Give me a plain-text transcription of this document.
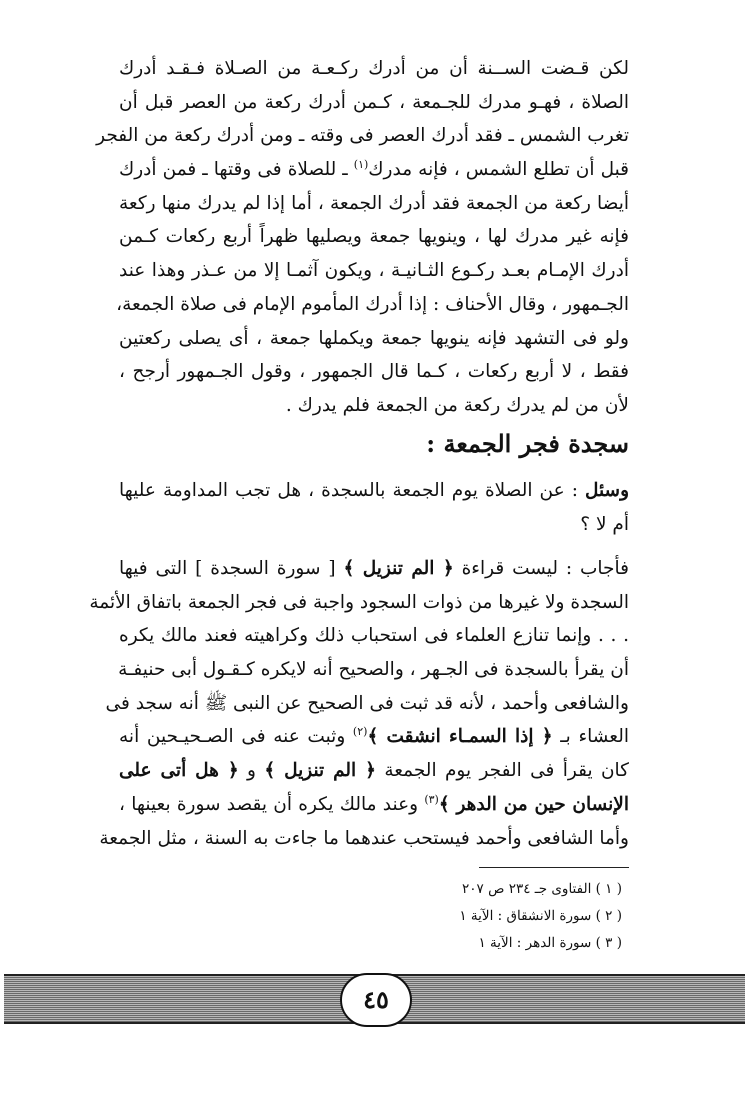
لكن قـضت الســنة أن من أدرك ركـعـة من الصـلاة فـقـد أدرك
الصلاة ، فهـو مدرك للجـمعة ، كـمن أدرك ركعة من العصر قبل أن
تغرب الشمس ـ فقد أدرك العصر فى وقته ـ ومن أدرك ركعة من الفجر
قبل أن تطلع الشمس ، فإنه مدرك$^{(١)}$ ـ للصلاة فى وقتها ـ فمن أدرك
أيضا ركعة من الجمعة فقد أدرك الجمعة ، أما إذا لم يدرك منها ركعة
فإنه غير مدرك لها ، وينويها جمعة ويصليها ظهراً أربع ركعات كـمن
أدرك الإمـام بعـد ركـوع الثـانيـة ، ويكون آثمـا إلا من عـذر وهذا عند
الجـمهور ، وقال الأحناف : إذا أدرك المأموم الإمام فى صلاة الجمعة،
ولو فى التشهد فإنه ينويها جمعة ويكملها جمعة ، أى يصلى ركعتين
فقط ، لا أربع ركعات ، كـما قال الجمهور ، وقول الجـمهور أرجح ،
لأن من لم يدرك ركعة من الجمعة فلم يدرك .
سجدة فجر الجمعة :
وسئل : عن الصلاة يوم الجمعة بالسجدة ، هل تجب المداومة عليها
أم لا ؟
فأجاب : ليست قراءة ﴿ الم تنزيل ﴾ [ سورة السجدة ] التى فيها
السجدة ولا غيرها من ذوات السجود واجبة فى فجر الجمعة باتفاق الأئمة
. . . وإنما تنازع العلماء فى استحباب ذلك وكراهيته فعند مالك يكره
أن يقرأ بالسجدة فى الجـهر ، والصحيح أنه لايكره كـقـول أبى حنيفـة
والشافعى وأحمد ، لأنه قد ثبت فى الصحيح عن النبى ﷺ أنه سجد فى
العشاء بـ ﴿ إذا السمـاء انشقت ﴾$^{(٢)}$ وثبت عنه فى الصـحيـحين أنه
كان يقرأ فى الفجر يوم الجمعة ﴿ الم تنزيل ﴾ و ﴿ هل أتى على
الإنسان حين من الدهر ﴾$^{(٣)}$ وعند مالك يكره أن يقصد سورة بعينها ،
وأما الشافعى وأحمد فيستحب عندهما ما جاءت به السنة ، مثل الجمعة
( ١ ) الفتاوى جـ ٢٣٤ ص ٢٠٧
( ٢ ) سورة الانشقاق : الآية ١
( ٣ ) سورة الدهر : الآية ١
٤٥
